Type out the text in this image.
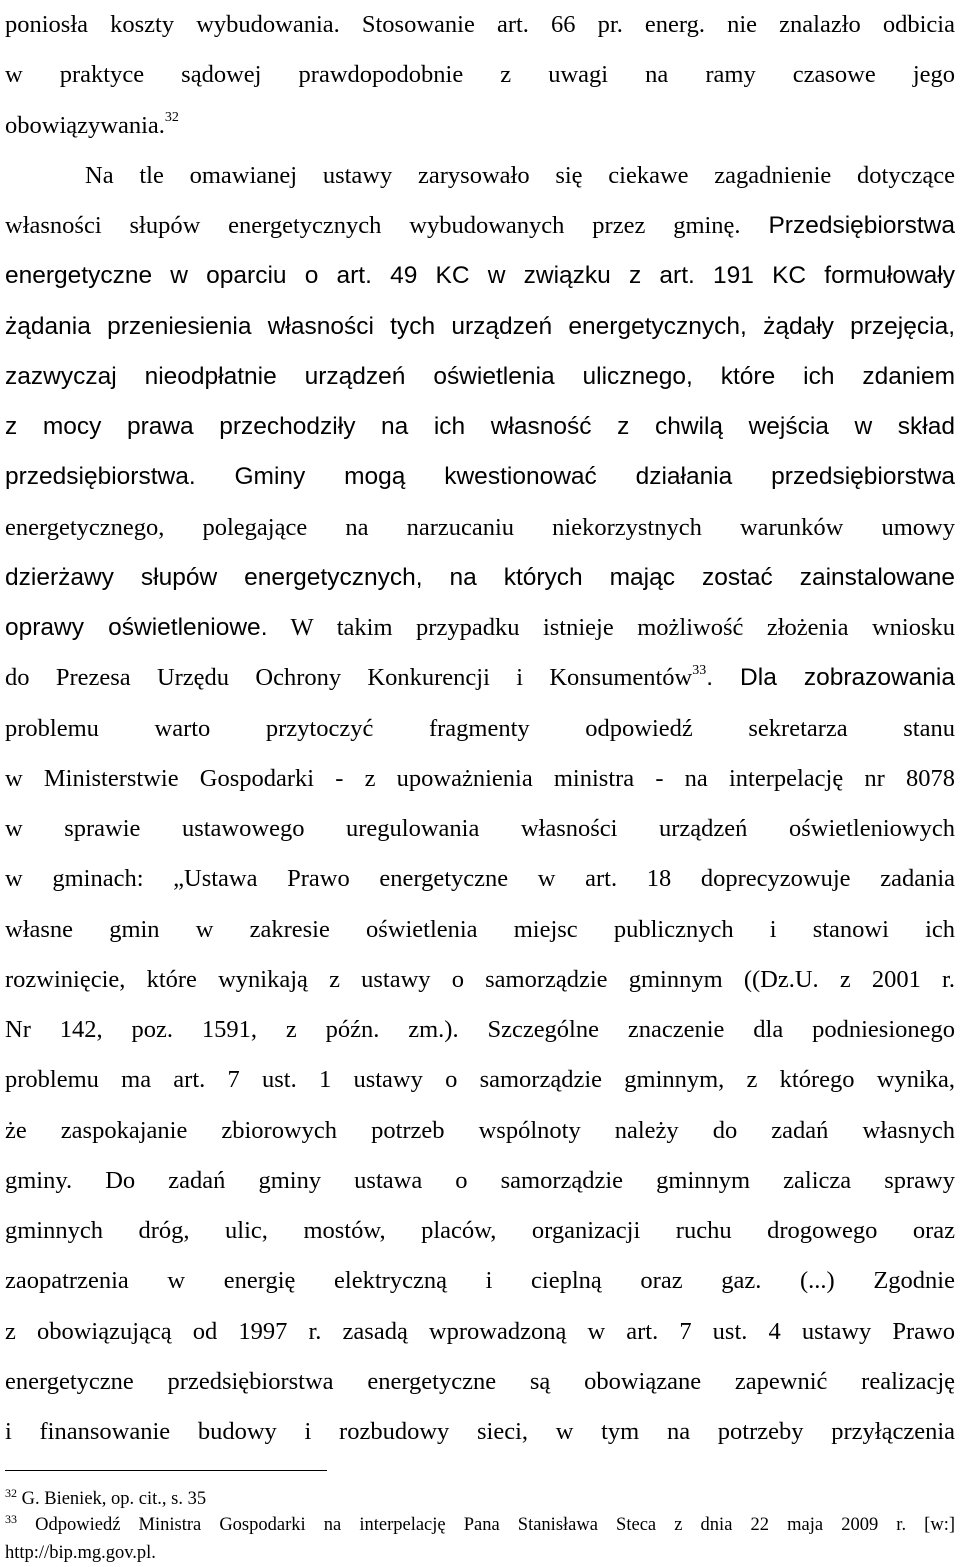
poniosła koszty wybudowania. Stosowanie art. 66 pr. energ. nie znalazło odbicia
w praktyce sądowej prawdopodobnie z uwagi na ramy czasowe jego
obowiązywania.$^{32}$
Na tle omawianej ustawy zarysowało się ciekawe zagadnienie dotyczące
własności słupów energetycznych wybudowanych przez gminę. Przedsiębiorstwa
energetyczne w oparciu o art. 49 KC w związku z art. 191 KC formułowały
żądania przeniesienia własności tych urządzeń energetycznych, żądały przejęcia,
zazwyczaj nieodpłatnie urządzeń oświetlenia ulicznego, które ich zdaniem
z mocy prawa przechodziły na ich własność z chwilą wejścia w skład
przedsiębiorstwa. Gminy mogą kwestionować działania przedsiębiorstwa
energetycznego, polegające na narzucaniu niekorzystnych warunków umowy
dzierżawy słupów energetycznych, na których mając zostać zainstalowane
oprawy oświetleniowe. W takim przypadku istnieje możliwość złożenia wniosku
do Prezesa Urzędu Ochrony Konkurencji i Konsumentów$^{33}$. Dla zobrazowania
problemu warto przytoczyć fragmenty odpowiedź sekretarza stanu
w Ministerstwie Gospodarki - z upoważnienia ministra - na interpelację nr 8078
w sprawie ustawowego uregulowania własności urządzeń oświetleniowych
w gminach: „Ustawa Prawo energetyczne w art. 18 doprecyzowuje zadania
własne gmin w zakresie oświetlenia miejsc publicznych i stanowi ich
rozwinięcie, które wynikają z ustawy o samorządzie gminnym ((Dz.U. z 2001 r.
Nr 142, poz. 1591, z późn. zm.). Szczególne znaczenie dla podniesionego
problemu ma art. 7 ust. 1 ustawy o samorządzie gminnym, z którego wynika,
że zaspokajanie zbiorowych potrzeb wspólnoty należy do zadań własnych
gminy. Do zadań gminy ustawa o samorządzie gminnym zalicza sprawy
gminnych dróg, ulic, mostów, placów, organizacji ruchu drogowego oraz
zaopatrzenia w energię elektryczną i cieplną oraz gaz. (...) Zgodnie
z obowiązującą od 1997 r. zasadą wprowadzoną w art. 7 ust. 4 ustawy Prawo
energetyczne przedsiębiorstwa energetyczne są obowiązane zapewnić realizację
i finansowanie budowy i rozbudowy sieci, w tym na potrzeby przyłączenia
$^{32}$ G. Bieniek, op. cit., s. 35
$^{33}$ Odpowiedź Ministra Gospodarki na interpelację Pana Stanisława Steca z dnia 22 maja 2009 r. [w:]
http://bip.mg.gov.pl.
